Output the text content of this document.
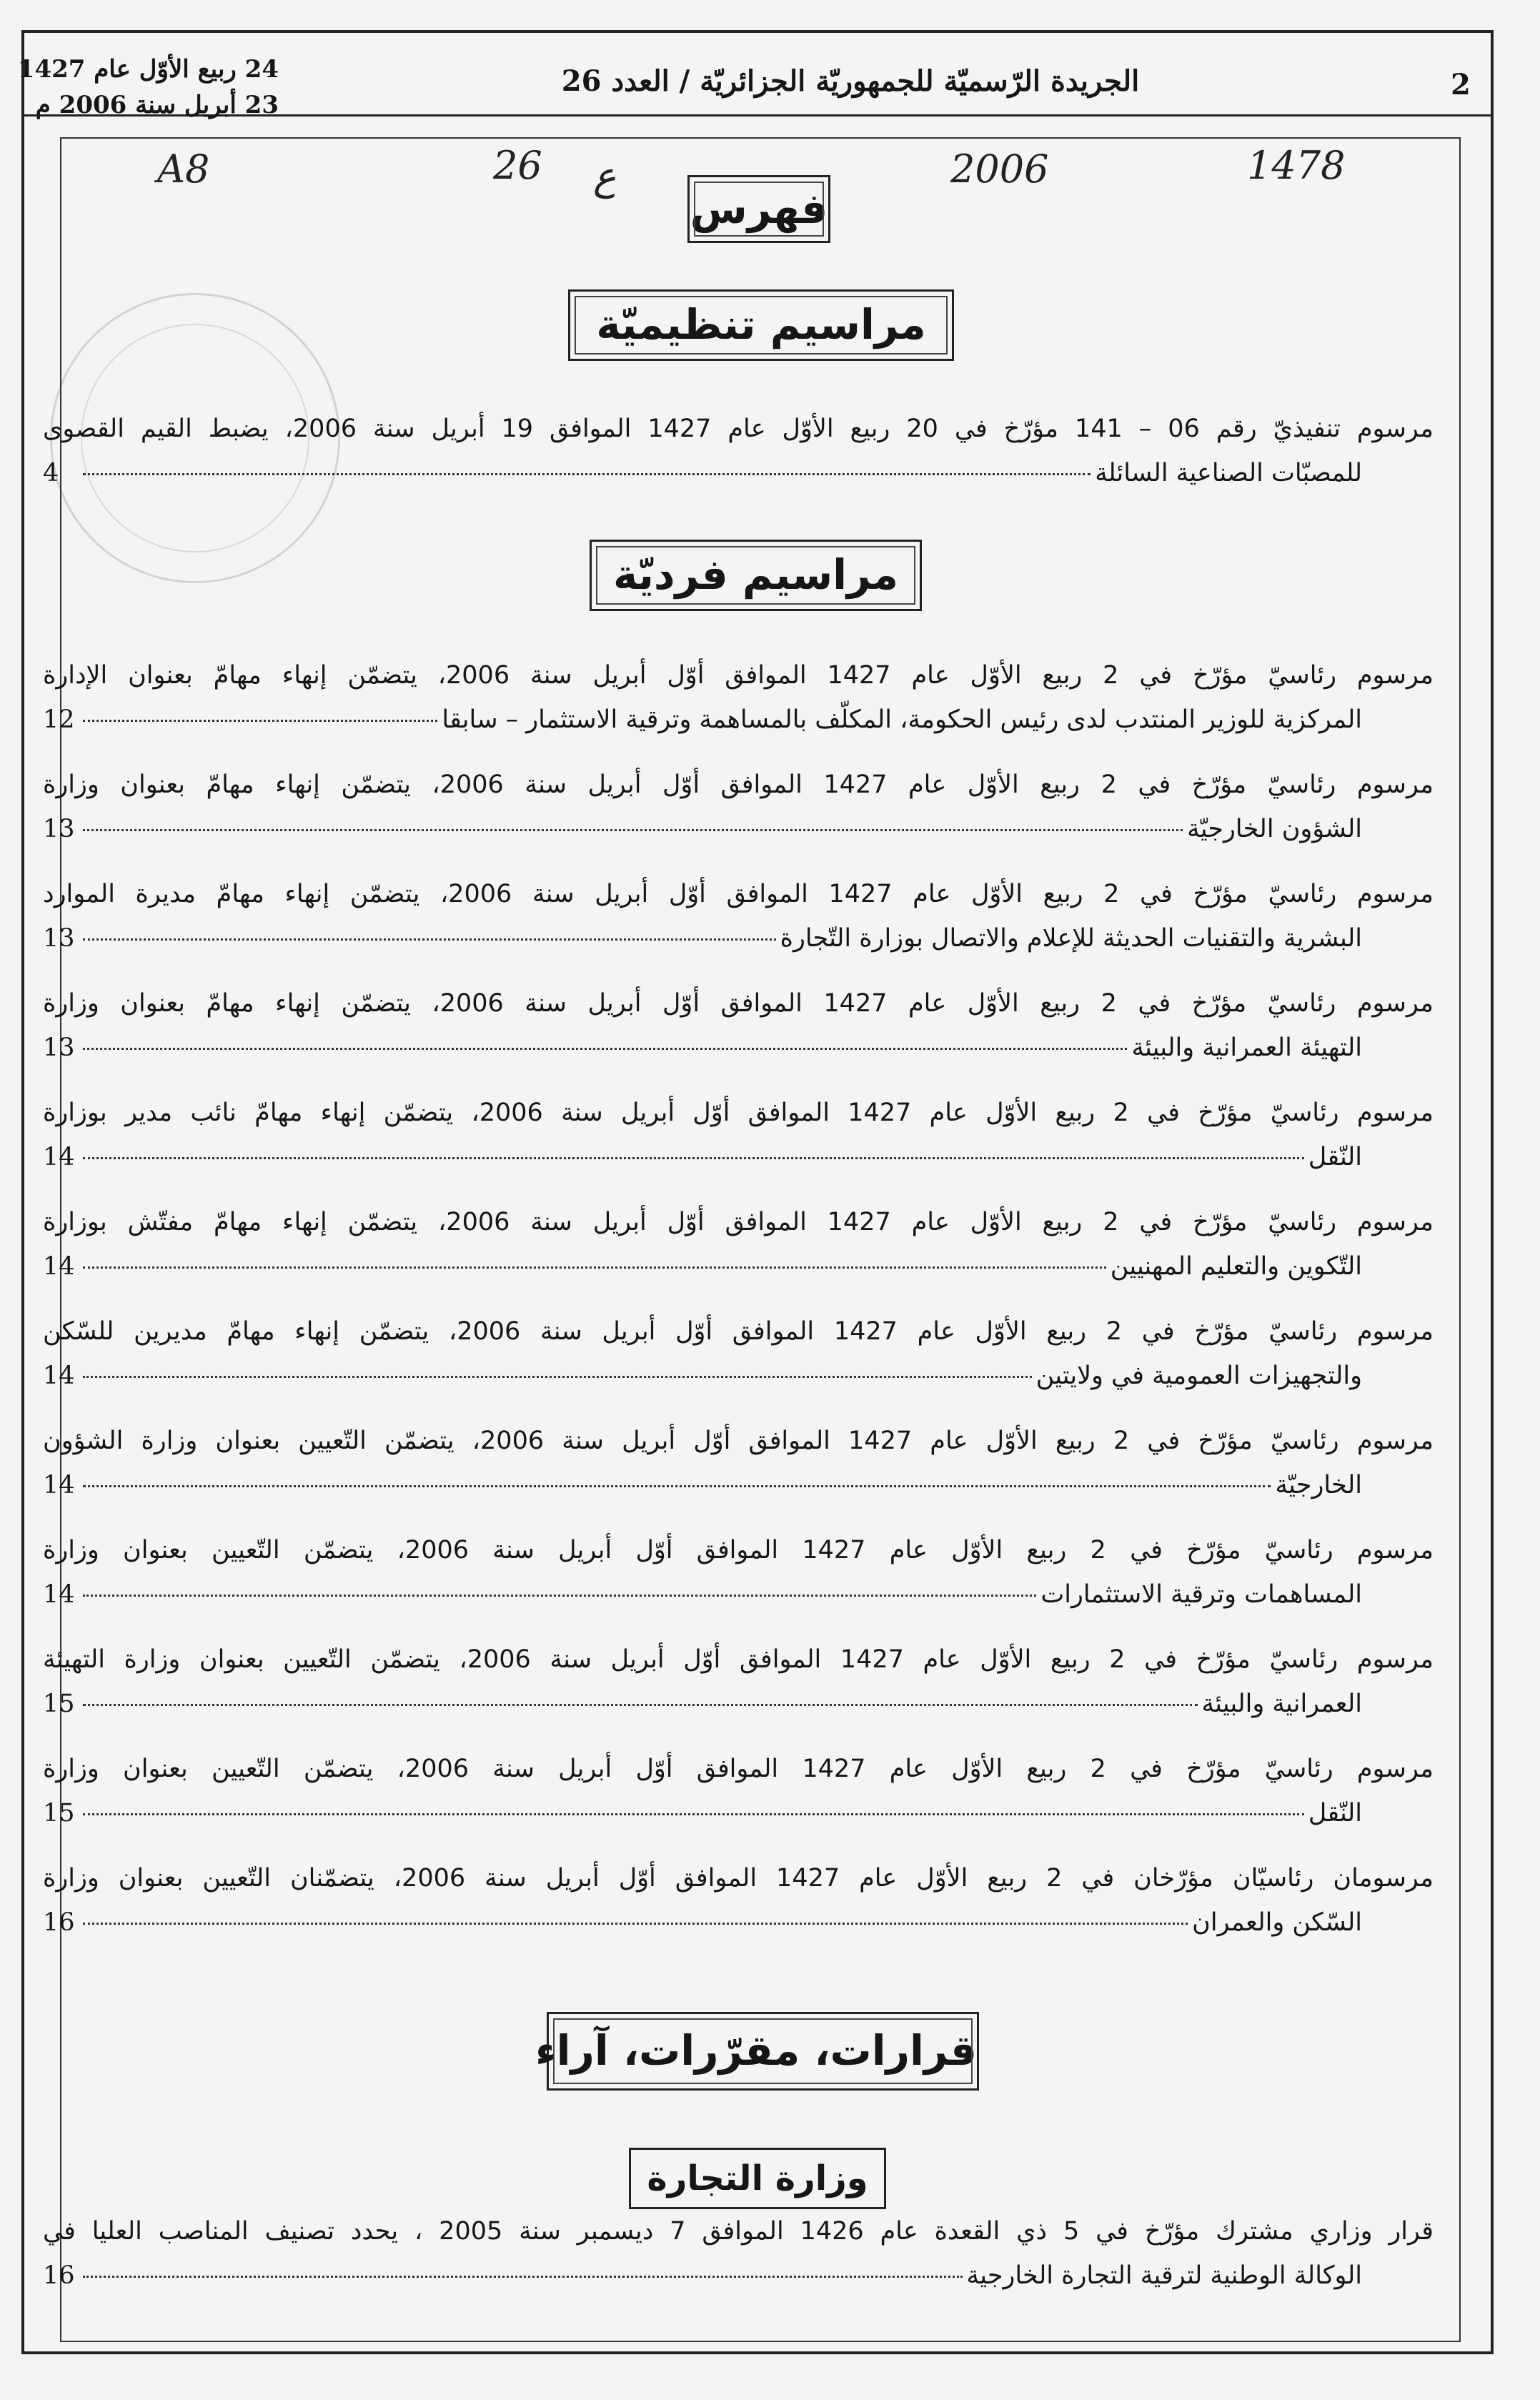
2
الجريدة الرّسميّة للجمهوريّة الجزائريّة / العدد 26
24 ربيع الأوّل عام 1427
23 أبريل سنة 2006 م
A8	26 ع	2006	1478
فهرس
مراسيم تنظيميّة
مرسوم تنفيذيّ رقم 06 – 141 مؤرّخ في 20 ربيع الأوّل عام 1427 الموافق 19 أبريل سنة 2006، يضبط القيم القصوى
للمصبّات الصناعية السائلة
4
مراسيم فرديّة
مرسوم رئاسيّ مؤرّخ في 2 ربيع الأوّل عام 1427 الموافق أوّل أبريل سنة 2006، يتضمّن إنهاء مهامّ بعنوان الإدارة
المركزية للوزير المنتدب لدى رئيس الحكومة، المكلّف بالمساهمة وترقية الاستثمار – سابقا
12
مرسوم رئاسيّ مؤرّخ في 2 ربيع الأوّل عام 1427 الموافق أوّل أبريل سنة 2006، يتضمّن إنهاء مهامّ بعنوان وزارة
الشؤون الخارجيّة
13
مرسوم رئاسيّ مؤرّخ في 2 ربيع الأوّل عام 1427 الموافق أوّل أبريل سنة 2006، يتضمّن إنهاء مهامّ مديرة الموارد
البشرية والتقنيات الحديثة للإعلام والاتصال بوزارة التّجارة
13
مرسوم رئاسيّ مؤرّخ في 2 ربيع الأوّل عام 1427 الموافق أوّل أبريل سنة 2006، يتضمّن إنهاء مهامّ بعنوان وزارة
التهيئة العمرانية والبيئة
13
مرسوم رئاسيّ مؤرّخ في 2 ربيع الأوّل عام 1427 الموافق أوّل أبريل سنة 2006، يتضمّن إنهاء مهامّ نائب مدير بوزارة
النّقل
14
مرسوم رئاسيّ مؤرّخ في 2 ربيع الأوّل عام 1427 الموافق أوّل أبريل سنة 2006، يتضمّن إنهاء مهامّ مفتّش بوزارة
التّكوين والتعليم المهنيين
14
مرسوم رئاسيّ مؤرّخ في 2 ربيع الأوّل عام 1427 الموافق أوّل أبريل سنة 2006، يتضمّن إنهاء مهامّ مديرين للسّكن
والتجهيزات العمومية في ولايتين
14
مرسوم رئاسيّ مؤرّخ في 2 ربيع الأوّل عام 1427 الموافق أوّل أبريل سنة 2006، يتضمّن التّعيين بعنوان وزارة الشؤون
الخارجيّة
14
مرسوم رئاسيّ مؤرّخ في 2 ربيع الأوّل عام 1427 الموافق أوّل أبريل سنة 2006، يتضمّن التّعيين بعنوان وزارة
المساهمات وترقية الاستثمارات
14
مرسوم رئاسيّ مؤرّخ في 2 ربيع الأوّل عام 1427 الموافق أوّل أبريل سنة 2006، يتضمّن التّعيين بعنوان وزارة التهيئة
العمرانية والبيئة
15
مرسوم رئاسيّ مؤرّخ في 2 ربيع الأوّل عام 1427 الموافق أوّل أبريل سنة 2006، يتضمّن التّعيين بعنوان وزارة
النّقل
15
مرسومان رئاسيّان مؤرّخان في 2 ربيع الأوّل عام 1427 الموافق أوّل أبريل سنة 2006، يتضمّنان التّعيين بعنوان وزارة
السّكن والعمران
16
قرارات، مقرّرات، آراء
وزارة التجارة
قرار وزاري مشترك مؤرّخ في 5 ذي القعدة عام 1426 الموافق 7 ديسمبر سنة 2005 ، يحدد تصنيف المناصب العليا في
الوكالة الوطنية لترقية التجارة الخارجية
16
